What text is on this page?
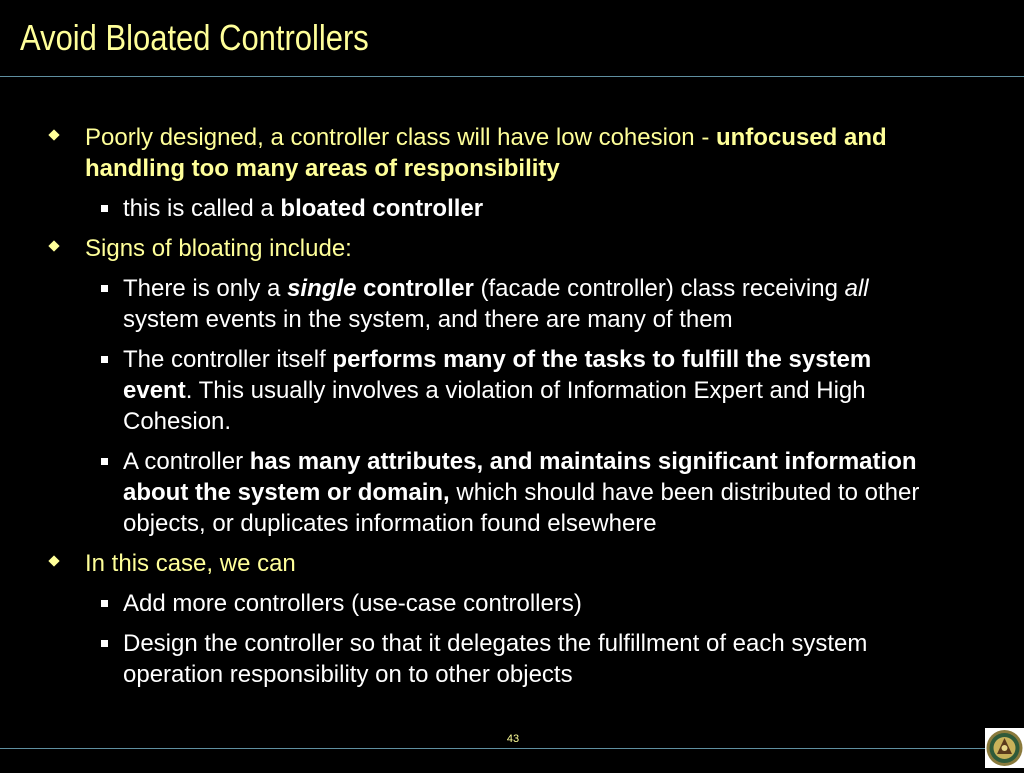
Avoid Bloated Controllers
Poorly designed, a controller class will have low cohesion - unfocused and handling too many areas of responsibility
this is called a bloated controller
Signs of bloating include:
There is only a single controller (facade controller) class receiving all system events in the system, and there are many of them
The controller itself performs many of the tasks to fulfill the system event. This usually involves a violation of Information Expert and High Cohesion.
A controller has many attributes, and maintains significant information about the system or domain, which should have been distributed to other objects, or duplicates information found elsewhere
In this case, we can
Add more controllers (use-case controllers)
Design the controller so that it delegates the fulfillment of each system operation responsibility on to other objects
43
